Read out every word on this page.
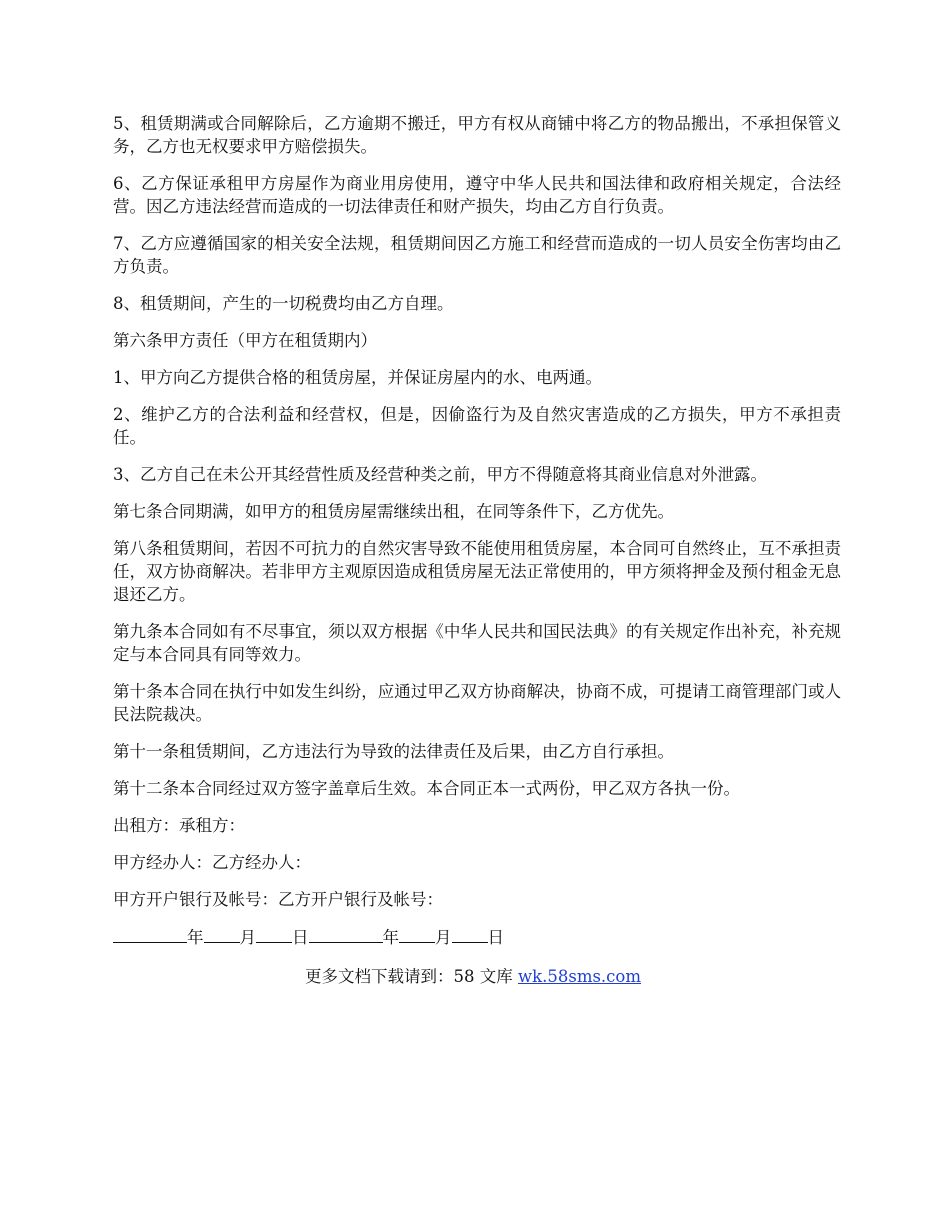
5、租赁期满或合同解除后，乙方逾期不搬迁，甲方有权从商铺中将乙方的物品搬出，不承担保管义务，乙方也无权要求甲方赔偿损失。

6、乙方保证承租甲方房屋作为商业用房使用，遵守中华人民共和国法律和政府相关规定，合法经营。因乙方违法经营而造成的一切法律责任和财产损失，均由乙方自行负责。

7、乙方应遵循国家的相关安全法规，租赁期间因乙方施工和经营而造成的一切人员安全伤害均由乙方负责。

8、租赁期间，产生的一切税费均由乙方自理。

第六条甲方责任（甲方在租赁期内）

1、甲方向乙方提供合格的租赁房屋，并保证房屋内的水、电两通。

2、维护乙方的合法利益和经营权，但是，因偷盗行为及自然灾害造成的乙方损失，甲方不承担责任。

3、乙方自己在未公开其经营性质及经营种类之前，甲方不得随意将其商业信息对外泄露。

第七条合同期满，如甲方的租赁房屋需继续出租，在同等条件下，乙方优先。

第八条租赁期间，若因不可抗力的自然灾害导致不能使用租赁房屋，本合同可自然终止，互不承担责任，双方协商解决。若非甲方主观原因造成租赁房屋无法正常使用的，甲方须将押金及预付租金无息退还乙方。

第九条本合同如有不尽事宜，须以双方根据《中华人民共和国民法典》的有关规定作出补充，补充规定与本合同具有同等效力。

第十条本合同在执行中如发生纠纷，应通过甲乙双方协商解决，协商不成，可提请工商管理部门或人民法院裁决。

第十一条租赁期间，乙方违法行为导致的法律责任及后果，由乙方自行承担。

第十二条本合同经过双方签字盖章后生效。本合同正本一式两份，甲乙双方各执一份。

出租方：承租方：

甲方经办人：乙方经办人：

甲方开户银行及帐号：乙方开户银行及帐号：

年 月 日	年 月 日

更多文档下载请到：58 文库 wk.58sms.com
